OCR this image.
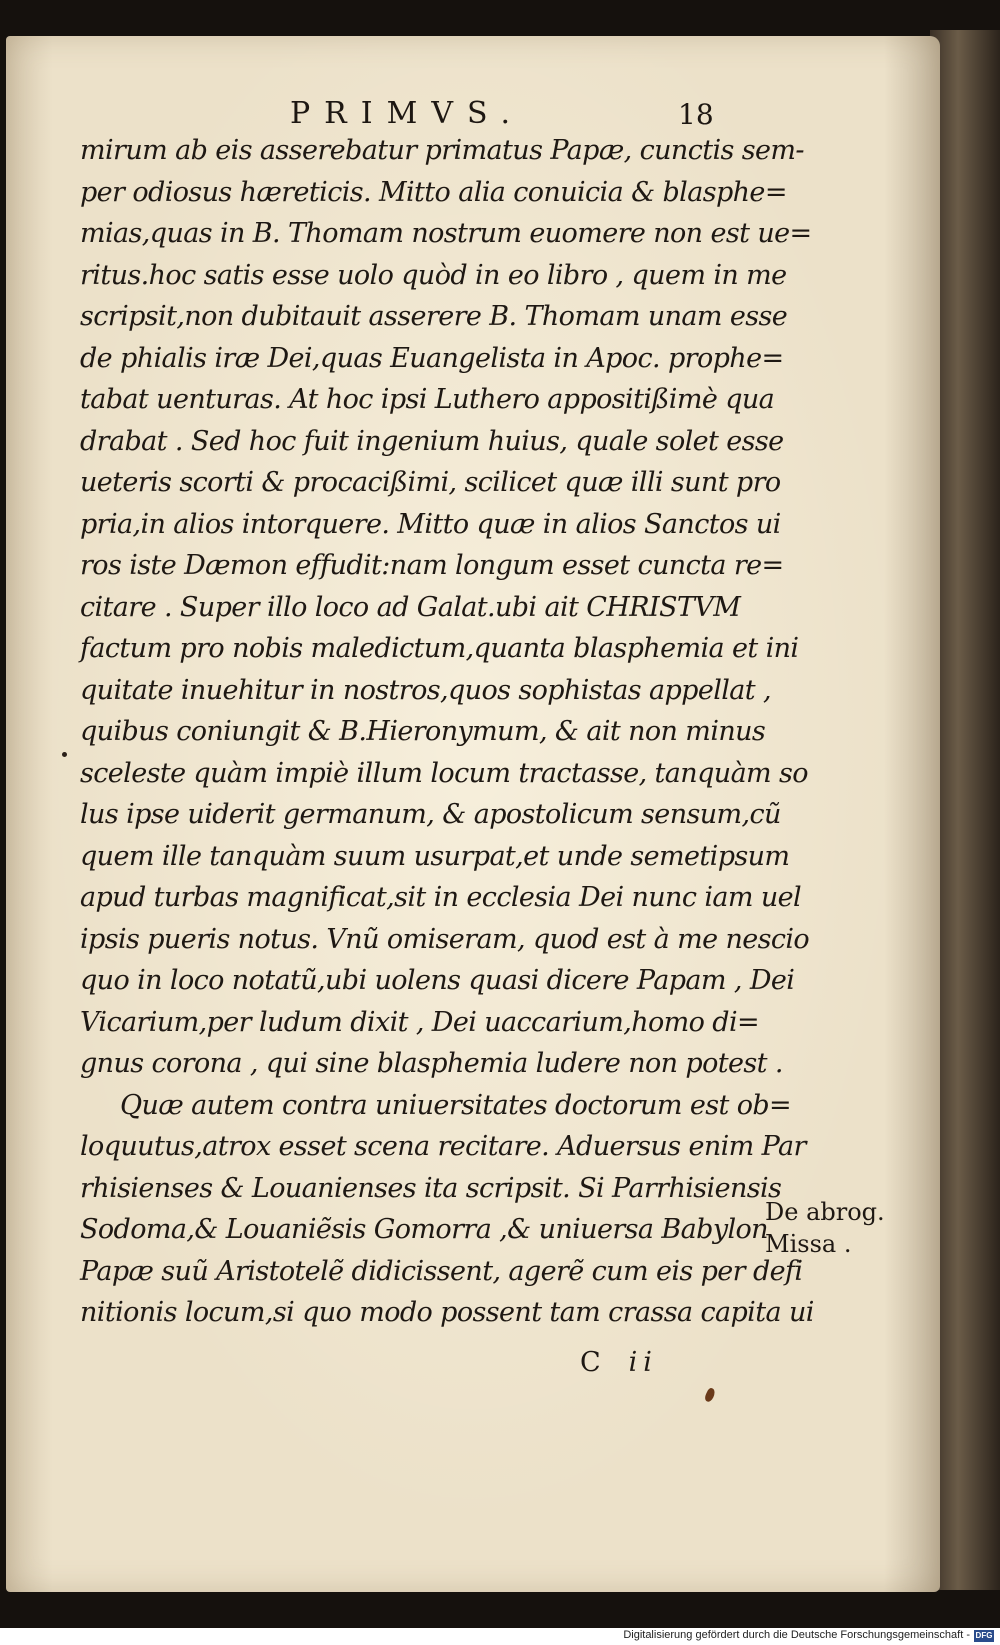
PRIMVS.	18
mirum ab eis asserebatur primatus Papæ, cunctis sem-
per odiosus hæreticis. Mitto alia conuicia & blasphe=
mias,quas in B. Thomam nostrum euomere non est ue=
ritus.hoc satis esse uolo quòd in eo libro , quem in me
scripsit,non dubitauit asserere B. Thomam unam esse
de phialis iræ Dei,quas Euangelista in Apoc. prophe=
tabat uenturas. At hoc ipsi Luthero appositißimè qua
drabat . Sed hoc fuit ingenium huius, quale solet esse
ueteris scorti & procacißimi, scilicet quæ illi sunt pro
pria,in alios intorquere. Mitto quæ in alios Sanctos ui
ros iste Dæmon effudit:nam longum esset cuncta re=
citare . Super illo loco ad Galat.ubi ait CHRISTVM
factum pro nobis maledictum,quanta blasphemia et ini
quitate inuehitur in nostros,quos sophistas appellat ,
quibus coniungit & B.Hieronymum, & ait non minus
sceleste quàm impiè illum locum tractasse, tanquàm so
lus ipse uiderit germanum, & apostolicum sensum,cũ
quem ille tanquàm suum usurpat,et unde semetipsum
apud turbas magnificat,sit in ecclesia Dei nunc iam uel
ipsis pueris notus. Vnũ omiseram, quod est à me nescio
quo in loco notatũ,ubi uolens quasi dicere Papam , Dei
Vicarium,per ludum dixit , Dei uaccarium,homo di=
gnus corona , qui sine blasphemia ludere non potest .
Quæ autem contra uniuersitates doctorum est ob=
loquutus,atrox esset scena recitare. Aduersus enim Par
rhisienses & Louanienses ita scripsit. Si Parrhisiensis
Sodoma,& Louaniẽsis Gomorra ,& uniuersa Babylon
Papæ suũ Aristotelẽ didicissent, agerẽ cum eis per defi
nitionis locum,si quo modo possent tam crassa capita ui
De abrog.
Missa .
C ii
Digitalisierung gefördert durch die Deutsche Forschungsgemeinschaft - DFG
